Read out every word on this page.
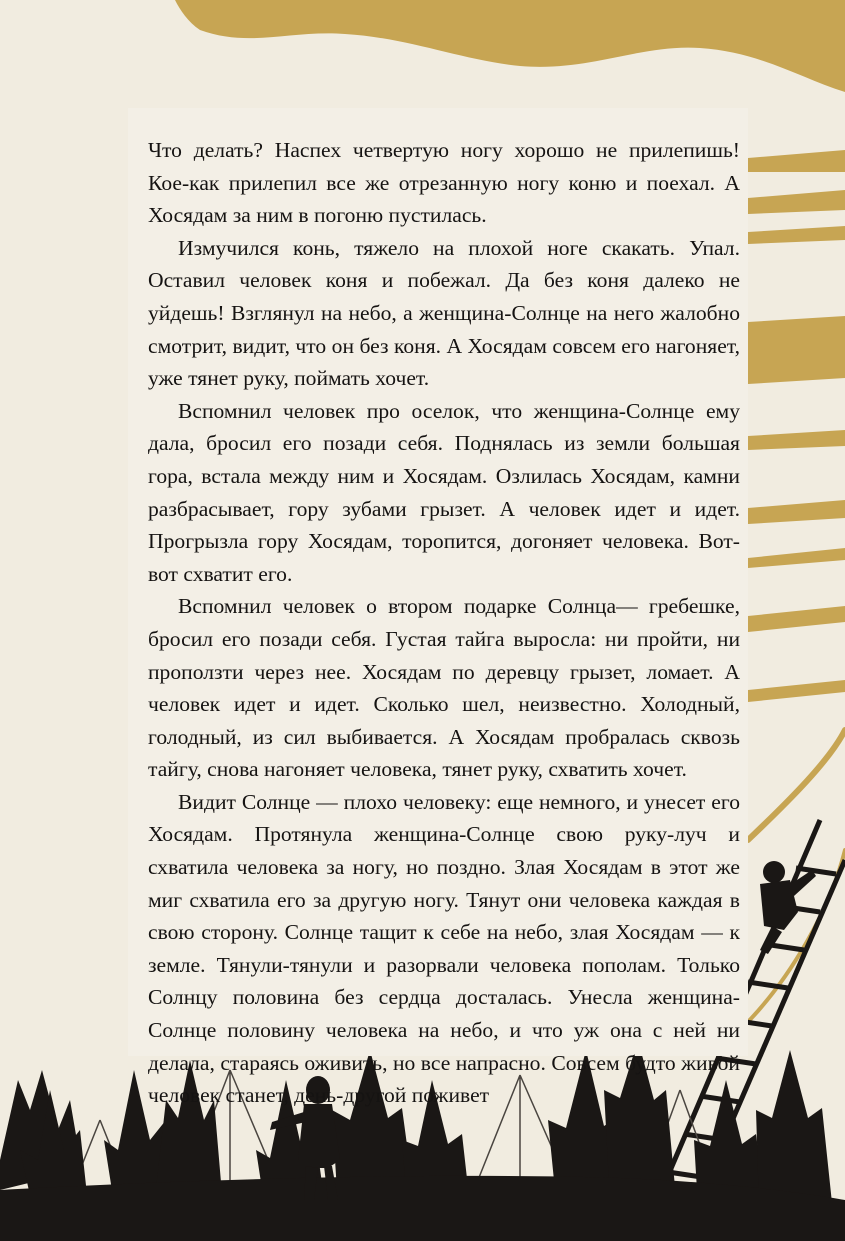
Что делать? Наспех четвертую ногу хорошо не прилепишь! Кое-как прилепил все же отрезанную ногу коню и поехал. А Хосядам за ним в погоню пустилась.

Измучился конь, тяжело на плохой ноге скакать. Упал. Оставил человек коня и побежал. Да без коня далеко не уйдешь! Взглянул на небо, а женщина-Солнце на него жалобно смотрит, видит, что он без коня. А Хосядам совсем его нагоняет, уже тянет руку, поймать хочет.

Вспомнил человек про оселок, что женщина-Солнце ему дала, бросил его позади себя. Поднялась из земли большая гора, встала между ним и Хосядам. Озлилась Хосядам, камни разбрасывает, гору зубами грызет. А человек идет и идет. Прогрызла гору Хосядам, торопится, догоняет человека. Вот-вот схватит его.

Вспомнил человек о втором подарке Солнца— гребешке, бросил его позади себя. Густая тайга выросла: ни пройти, ни проползти через нее. Хосядам по деревцу грызет, ломает. А человек идет и идет. Сколько шел, неизвестно. Холодный, голодный, из сил выбивается. А Хосядам пробралась сквозь тайгу, снова нагоняет человека, тянет руку, схватить хочет.

Видит Солнце — плохо человеку: еще немного, и унесет его Хосядам. Протянула женщина-Солнце свою руку-луч и схватила человека за ногу, но поздно. Злая Хосядам в этот же миг схватила его за другую ногу. Тянут они человека каждая в свою сторону. Солнце тащит к себе на небо, злая Хосядам — к земле. Тянули-тянули и разорвали человека пополам. Только Солнцу половина без сердца досталась. Унесла женщина-Солнце половину человека на небо, и что уж она с ней ни делала, стараясь оживить, но все напрасно. Совсем будто живой человек станет, день-другой поживет
